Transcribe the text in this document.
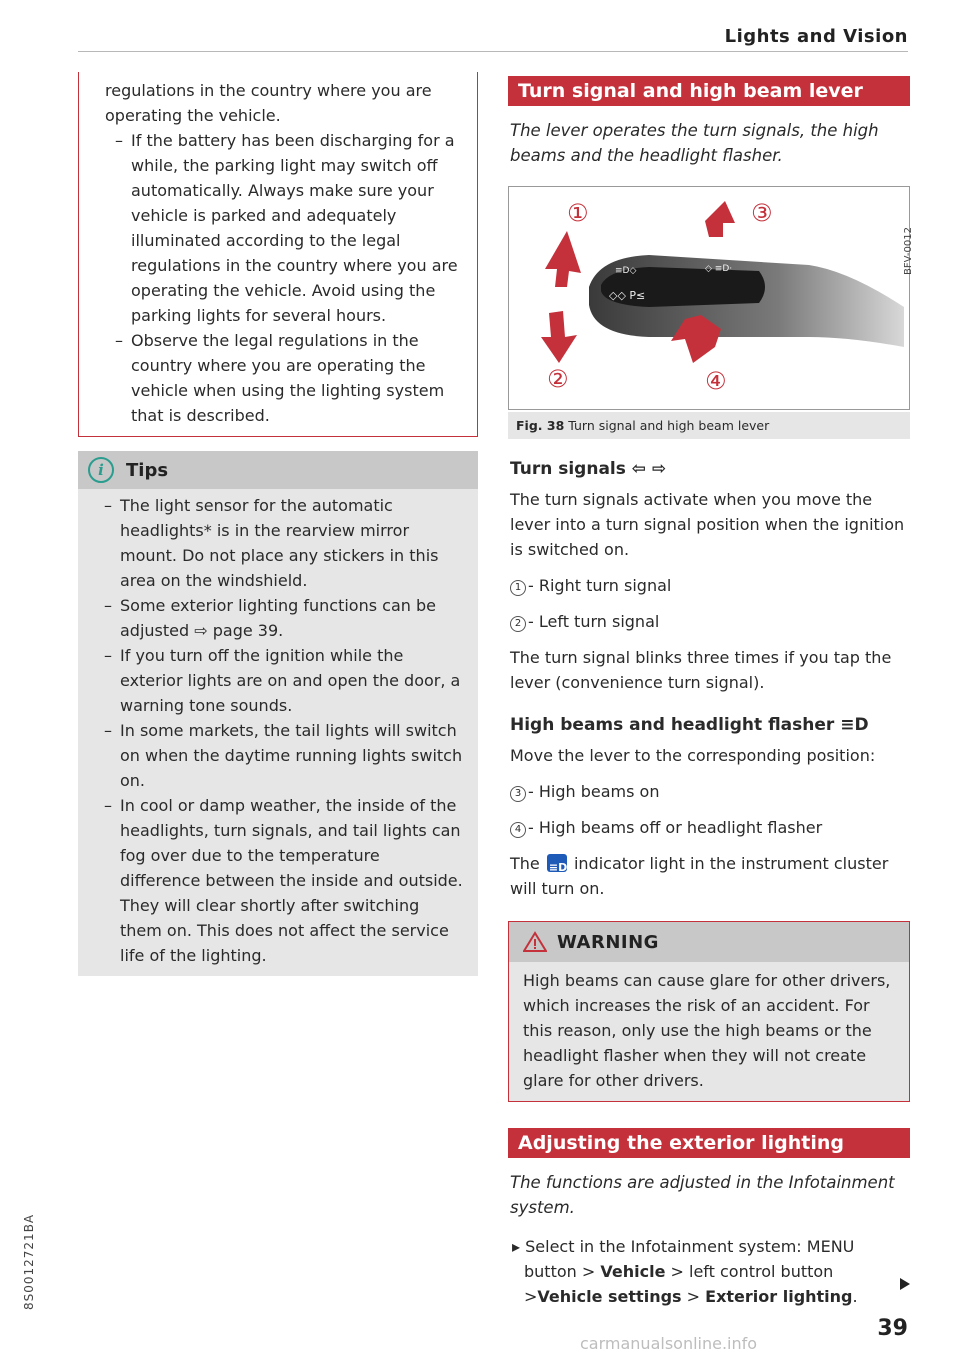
Lights and Vision
8S0012721BA

regulations in the country where you are operating the vehicle.

– If the battery has been discharging for a while, the parking light may switch off automatically. Always make sure your vehicle is parked and adequately illuminated according to the legal regulations in the country where you are operating the vehicle. Avoid using the parking lights for several hours.
– Observe the legal regulations in the country where you are operating the vehicle when using the lighting system that is described.
i	Tips
– The light sensor for the automatic headlights* is in the rearview mirror mount. Do not place any stickers in this area on the windshield.
– Some exterior lighting functions can be adjusted ⇨ page 39.
– If you turn off the ignition while the exterior lights are on and open the door, a warning tone sounds.
– In some markets, the tail lights will switch on when the daytime running lights switch on.
– In cool or damp weather, the inside of the headlights, turn signals, and tail lights can fog over due to the temperature difference between the inside and outside. They will clear shortly after switching them on. This does not affect the service life of the lighting.
Turn signal and high beam lever

The lever operates the turn signals, the high beams and the headlight flasher.

≡D◇
◇◇ P≤
◇ ≡D·
①
②
③
④
BFV-0012
Fig. 38 Turn signal and high beam lever
Turn signals ⇦ ⇨

The turn signals activate when you move the lever into a turn signal position when the ignition is switched on.

1 - Right turn signal

2 - Left turn signal

The turn signal blinks three times if you tap the lever (convenience turn signal).

High beams and headlight flasher ≡D

Move the lever to the corresponding position:

3 - High beams on

4 - High beams off or headlight flasher

The ≡D indicator light in the instrument cluster will turn on.

WARNING

High beams can cause glare for other drivers, which increases the risk of an accident. For this reason, only use the high beams or the headlight flasher when they will not create glare for other drivers.

Adjusting the exterior lighting

The functions are adjusted in the Infotainment system.

▸ Select in the Infotainment system: MENU button > Vehicle > left control button >Vehicle settings > Exterior lighting.

39
carmanualsonline.info
